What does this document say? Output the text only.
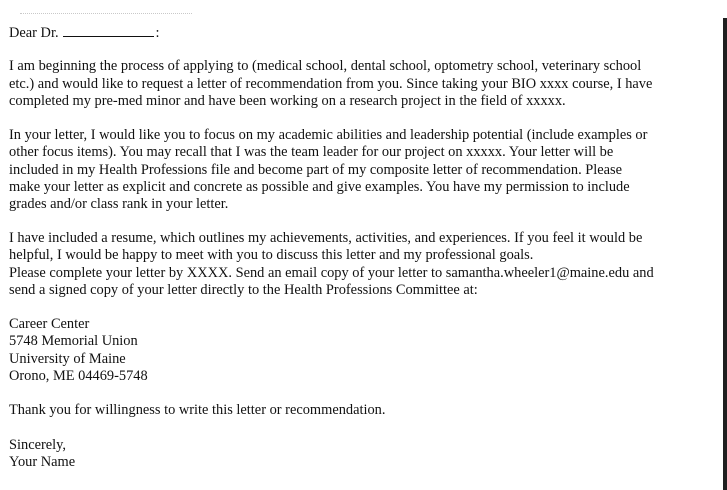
Dear Dr.	:
I am beginning the process of applying to (medical school, dental school, optometry school, veterinary school
etc.) and would like to request a letter of recommendation from you. Since taking your BIO xxxx course, I have
completed my pre-med minor and have been working on a research project in the field of xxxxx.
In your letter, I would like you to focus on my academic abilities and leadership potential (include examples or
other focus items). You may recall that I was the team leader for our project on xxxxx. Your letter will be
included in my Health Professions file and become part of my composite letter of recommendation. Please
make your letter as explicit and concrete as possible and give examples. You have my permission to include
grades and/or class rank in your letter.
I have included a resume, which outlines my achievements, activities, and experiences. If you feel it would be
helpful, I would be happy to meet with you to discuss this letter and my professional goals.
Please complete your letter by XXXX. Send an email copy of your letter to samantha.wheeler1@maine.edu and
send a signed copy of your letter directly to the Health Professions Committee at:
Career Center
5748 Memorial Union
University of Maine
Orono, ME 04469-5748
Thank you for willingness to write this letter or recommendation.
Sincerely,
Your Name
